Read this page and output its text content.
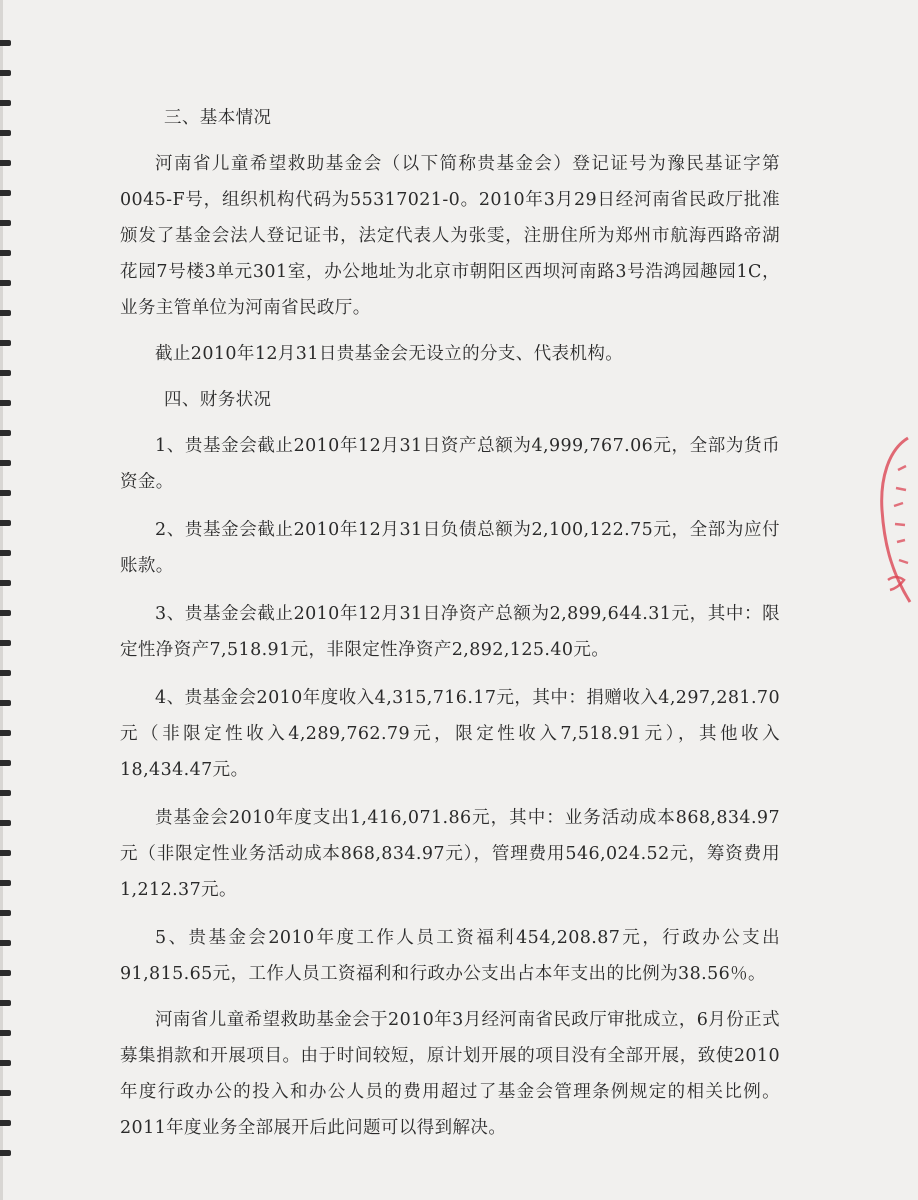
三、基本情况

河南省儿童希望救助基金会（以下简称贵基金会）登记证号为豫民基证字第0045-F号，组织机构代码为55317021-0。2010年3月29日经河南省民政厅批准颁发了基金会法人登记证书，法定代表人为张雯，注册住所为郑州市航海西路帝湖花园7号楼3单元301室，办公地址为北京市朝阳区西坝河南路3号浩鸿园趣园1C，业务主管单位为河南省民政厅。

截止2010年12月31日贵基金会无设立的分支、代表机构。

四、财务状况

1、贵基金会截止2010年12月31日资产总额为4,999,767.06元，全部为货币资金。

2、贵基金会截止2010年12月31日负债总额为2,100,122.75元，全部为应付账款。

3、贵基金会截止2010年12月31日净资产总额为2,899,644.31元，其中：限定性净资产7,518.91元，非限定性净资产2,892,125.40元。

4、贵基金会2010年度收入4,315,716.17元，其中：捐赠收入4,297,281.70元（非限定性收入4,289,762.79元，限定性收入7,518.91元），其他收入18,434.47元。

贵基金会2010年度支出1,416,071.86元，其中：业务活动成本868,834.97元（非限定性业务活动成本868,834.97元），管理费用546,024.52元，筹资费用1,212.37元。

5、贵基金会2010年度工作人员工资福利454,208.87元，行政办公支出91,815.65元，工作人员工资福利和行政办公支出占本年支出的比例为38.56％。

河南省儿童希望救助基金会于2010年3月经河南省民政厅审批成立，6月份正式募集捐款和开展项目。由于时间较短，原计划开展的项目没有全部开展，致使2010年度行政办公的投入和办公人员的费用超过了基金会管理条例规定的相关比例。2011年度业务全部展开后此问题可以得到解决。
